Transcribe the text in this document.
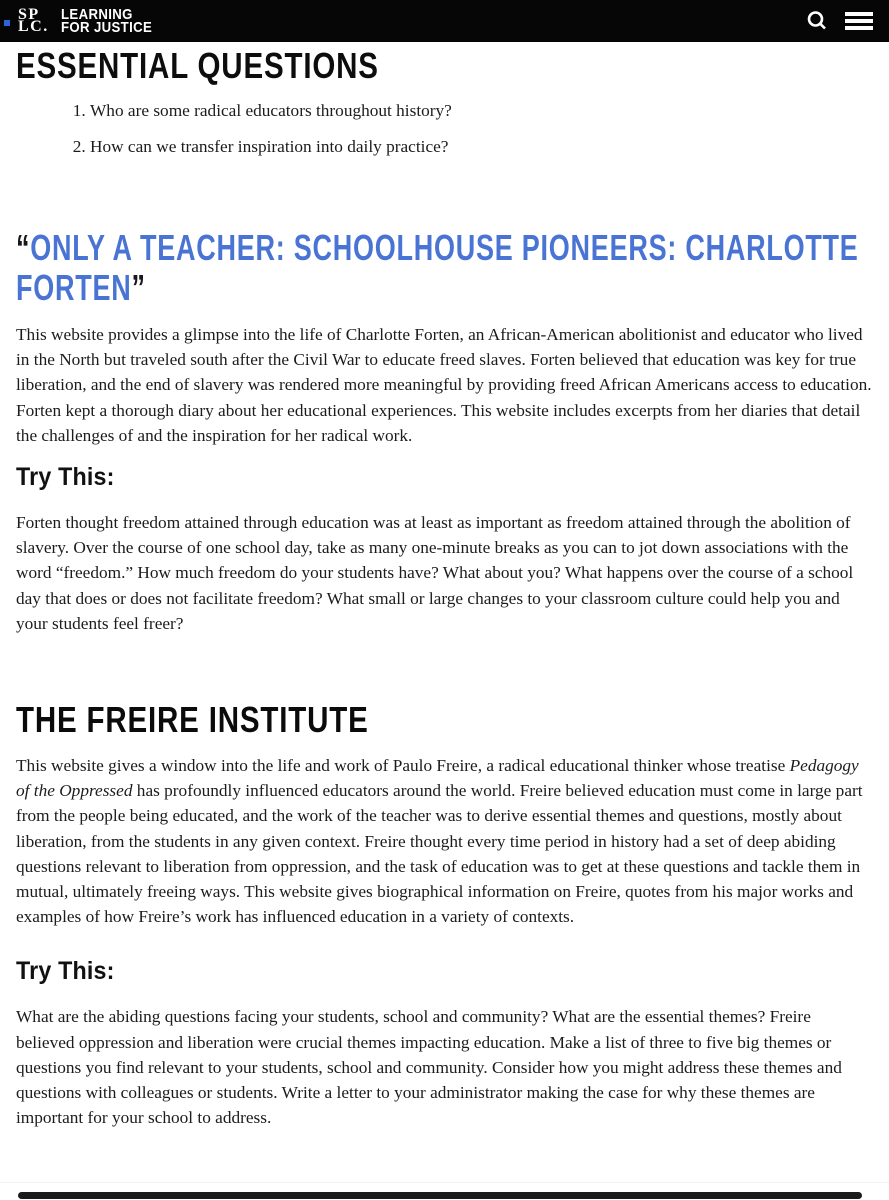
SP
LC.
LEARNING
FOR JUSTICE
ESSENTIAL QUESTIONS
1. Who are some radical educators throughout history?
2. How can we transfer inspiration into daily practice?
“ONLY A TEACHER: SCHOOLHOUSE PIONEERS: CHARLOTTE FORTEN”

This website provides a glimpse into the life of Charlotte Forten, an African-American abolitionist and educator who lived in the North but traveled south after the Civil War to educate freed slaves. Forten believed that education was key for true liberation, and the end of slavery was rendered more meaningful by providing freed African Americans access to education. Forten kept a thorough diary about her educational experiences. This website includes excerpts from her diaries that detail the challenges of and the inspiration for her radical work.

Try This:

Forten thought freedom attained through education was at least as important as freedom attained through the abolition of slavery. Over the course of one school day, take as many one-minute breaks as you can to jot down associations with the word “freedom.” How much freedom do your students have? What about you? What happens over the course of a school day that does or does not facilitate freedom? What small or large changes to your classroom culture could help you and your students feel freer?

THE FREIRE INSTITUTE

This website gives a window into the life and work of Paulo Freire, a radical educational thinker whose treatise Pedagogy of the Oppressed has profoundly influenced educators around the world. Freire believed education must come in large part from the people being educated, and the work of the teacher was to derive essential themes and questions, mostly about liberation, from the students in any given context. Freire thought every time period in history had a set of deep abiding questions relevant to liberation from oppression, and the task of education was to get at these questions and tackle them in mutual, ultimately freeing ways. This website gives biographical information on Freire, quotes from his major works and examples of how Freire’s work has influenced education in a variety of contexts.

Try This:

What are the abiding questions facing your students, school and community? What are the essential themes? Freire believed oppression and liberation were crucial themes impacting education. Make a list of three to five big themes or questions you find relevant to your students, school and community. Consider how you might address these themes and questions with colleagues or students. Write a letter to your administrator making the case for why these themes are important for your school to address.
